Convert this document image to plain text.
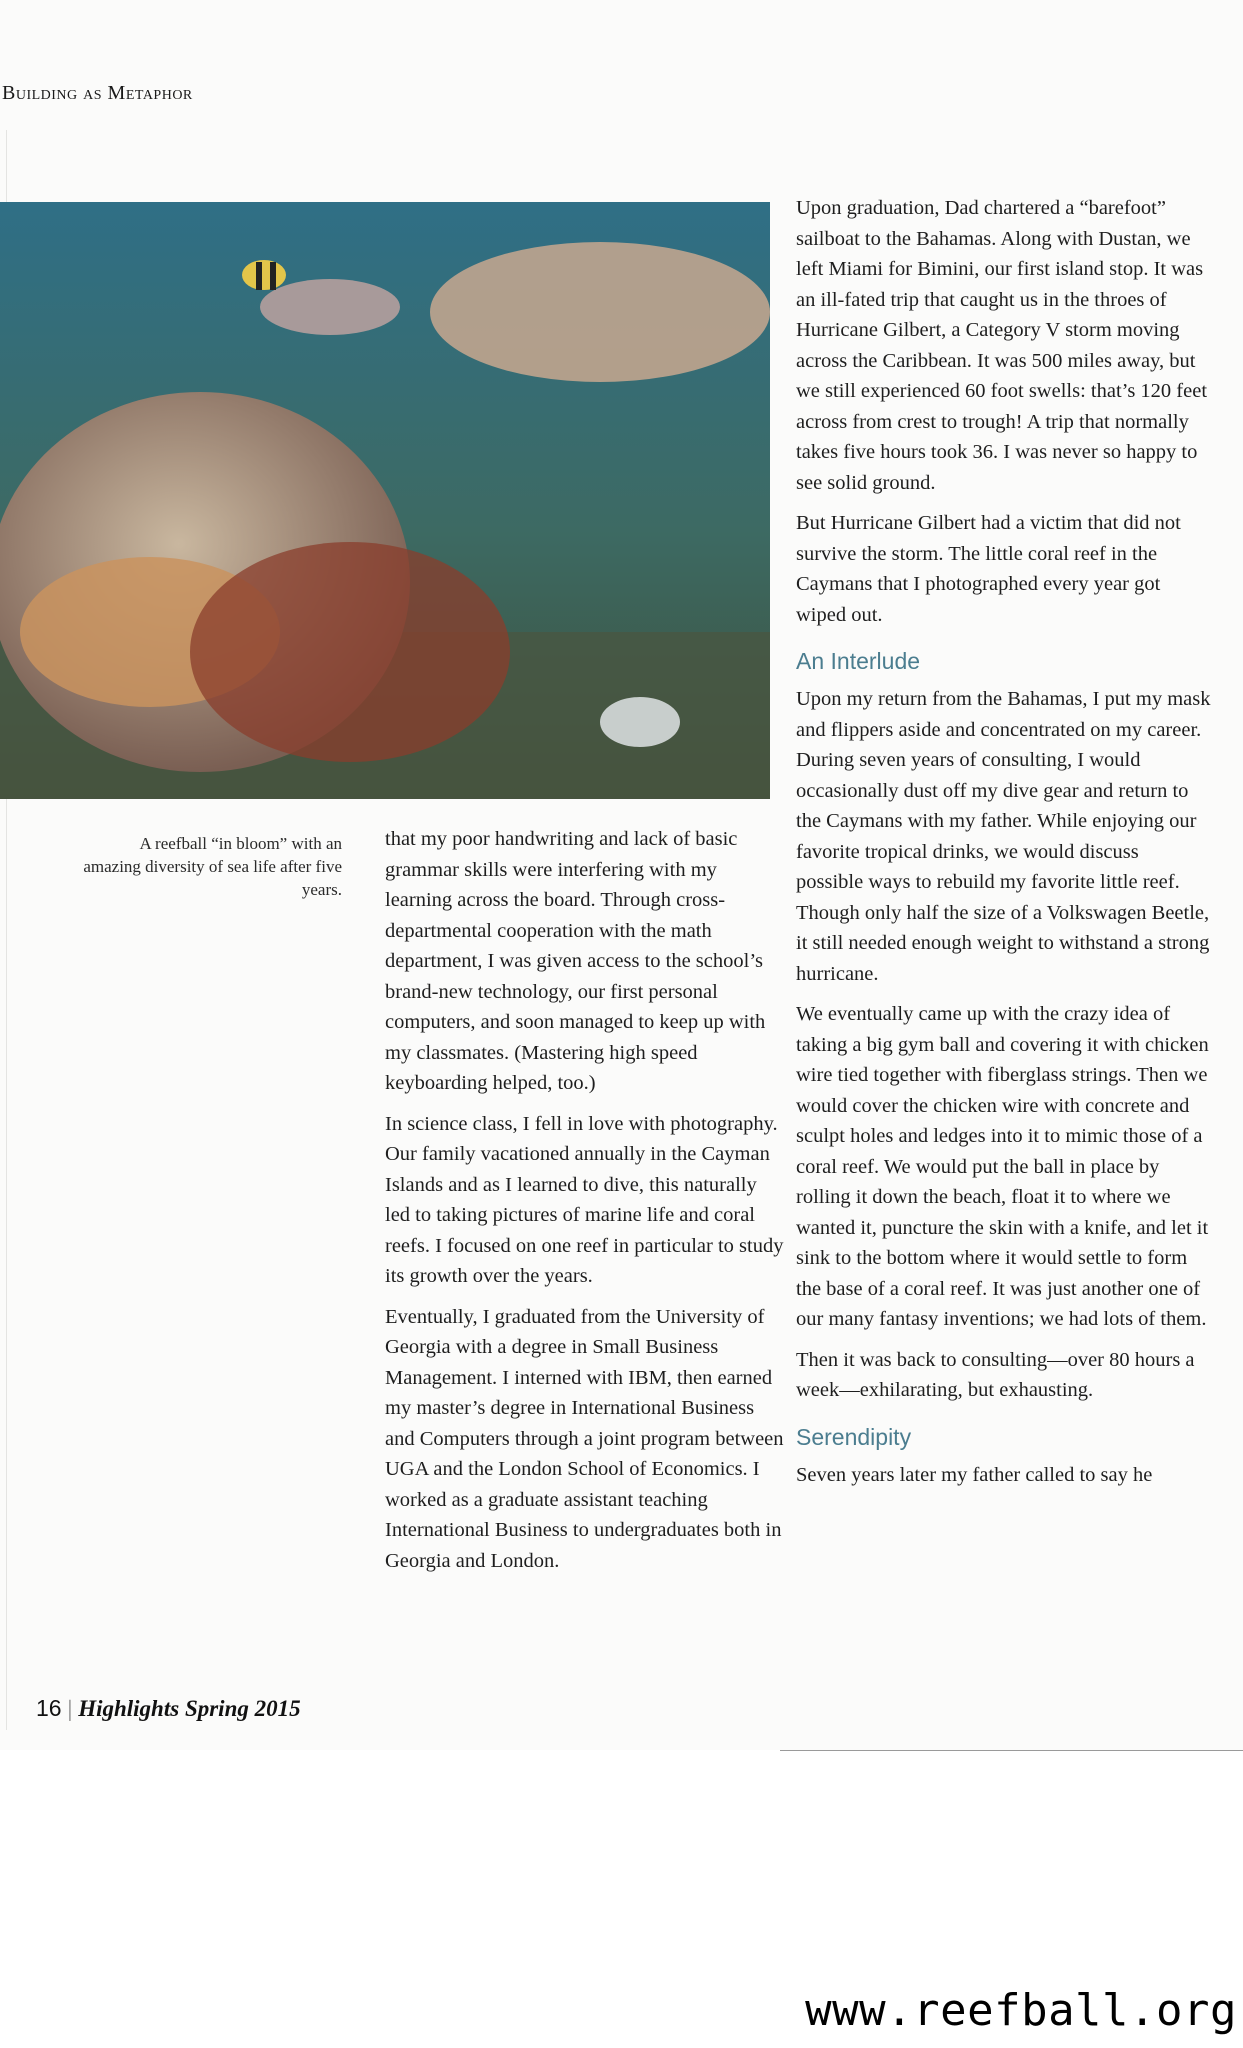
Building as Metaphor
A reefball “in bloom” with an amazing diversity of sea life after five years.

that my poor handwriting and lack of basic grammar skills were interfering with my learning across the board. Through cross-departmental cooperation with the math department, I was given access to the school’s brand-new technology, our first personal computers, and soon managed to keep up with my classmates. (Mastering high speed keyboarding helped, too.)

In science class, I fell in love with photography. Our family vacationed annually in the Cayman Islands and as I learned to dive, this naturally led to taking pictures of marine life and coral reefs. I focused on one reef in particular to study its growth over the years.

Eventually, I graduated from the University of Georgia with a degree in Small Business Management. I interned with IBM, then earned my master’s degree in International Business and Computers through a joint program between UGA and the London School of Economics. I worked as a graduate assistant teaching International Business to undergraduates both in Georgia and London.

Upon graduation, Dad chartered a “barefoot” sailboat to the Bahamas. Along with Dustan, we left Miami for Bimini, our first island stop. It was an ill-fated trip that caught us in the throes of Hurricane Gilbert, a Category V storm moving across the Caribbean. It was 500 miles away, but we still experienced 60 foot swells: that’s 120 feet across from crest to trough! A trip that normally takes five hours took 36. I was never so happy to see solid ground.

But Hurricane Gilbert had a victim that did not survive the storm. The little coral reef in the Caymans that I photographed every year got wiped out.

An Interlude

Upon my return from the Bahamas, I put my mask and flippers aside and concentrated on my career. During seven years of consulting, I would occasionally dust off my dive gear and return to the Caymans with my father. While enjoying our favorite tropical drinks, we would discuss possible ways to rebuild my favorite little reef. Though only half the size of a Volkswagen Beetle, it still needed enough weight to withstand a strong hurricane.

We eventually came up with the crazy idea of taking a big gym ball and covering it with chicken wire tied together with fiberglass strings. Then we would cover the chicken wire with concrete and sculpt holes and ledges into it to mimic those of a coral reef. We would put the ball in place by rolling it down the beach, float it to where we wanted it, puncture the skin with a knife, and let it sink to the bottom where it would settle to form the base of a coral reef. It was just another one of our many fantasy inventions; we had lots of them.

Then it was back to consulting—over 80 hours a week—exhilarating, but exhausting.

Serendipity

Seven years later my father called to say he

16 | Highlights Spring 2015
www.reefball.org
